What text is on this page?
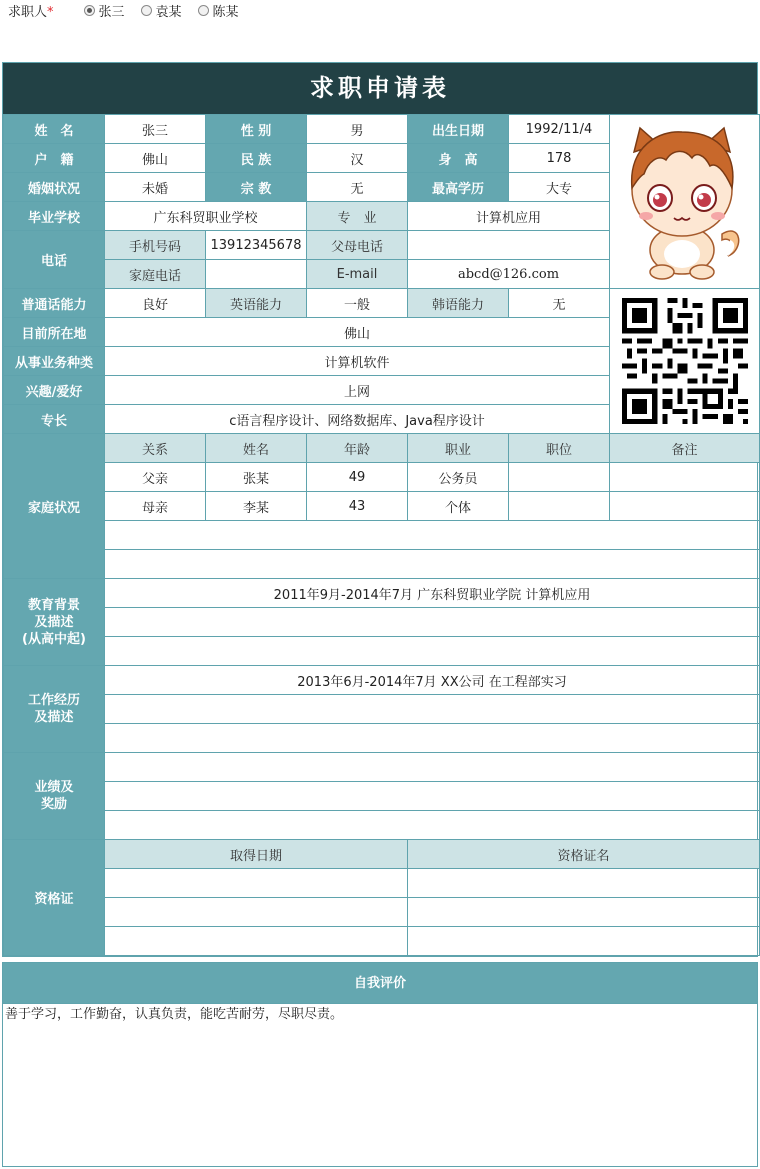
求职人*	张三 袁某 陈某
求职申请表
姓　名	张三	性 别	男	出生日期	1992/11/4	

户　籍	佛山	民 族	汉	身　高	178	
婚姻状况	未婚	宗 教	无	最高学历	大专	
毕业学校	广东科贸职业学校		专　业	计算机应用		
电话	手机号码	13912345678	父母电话			
	家庭电话		E-mail	abcd@126.com		
普通话能力	良好	英语能力	一般	韩语能力	无	

目前所在地	佛山					
从事业务种类	计算机软件					
兴趣/爱好	上网					
专长	c语言程序设计、网络数据库、Java程序设计					
家庭状况	关系	姓名	年龄	职业	职位	备注
	父亲	张某	49	公务员		
	母亲	李某	43	个体		

教育背景
及描述
(从高中起)	2011年9月-2014年7月 广东科贸职业学院 计算机应用					

工作经历
及描述	2013年6月-2014年7月 XX公司 在工程部实习					

业绩及
奖励						

资格证	取得日期			资格证名		

自我评价
善于学习，工作勤奋，认真负责，能吃苦耐劳，尽职尽责。
